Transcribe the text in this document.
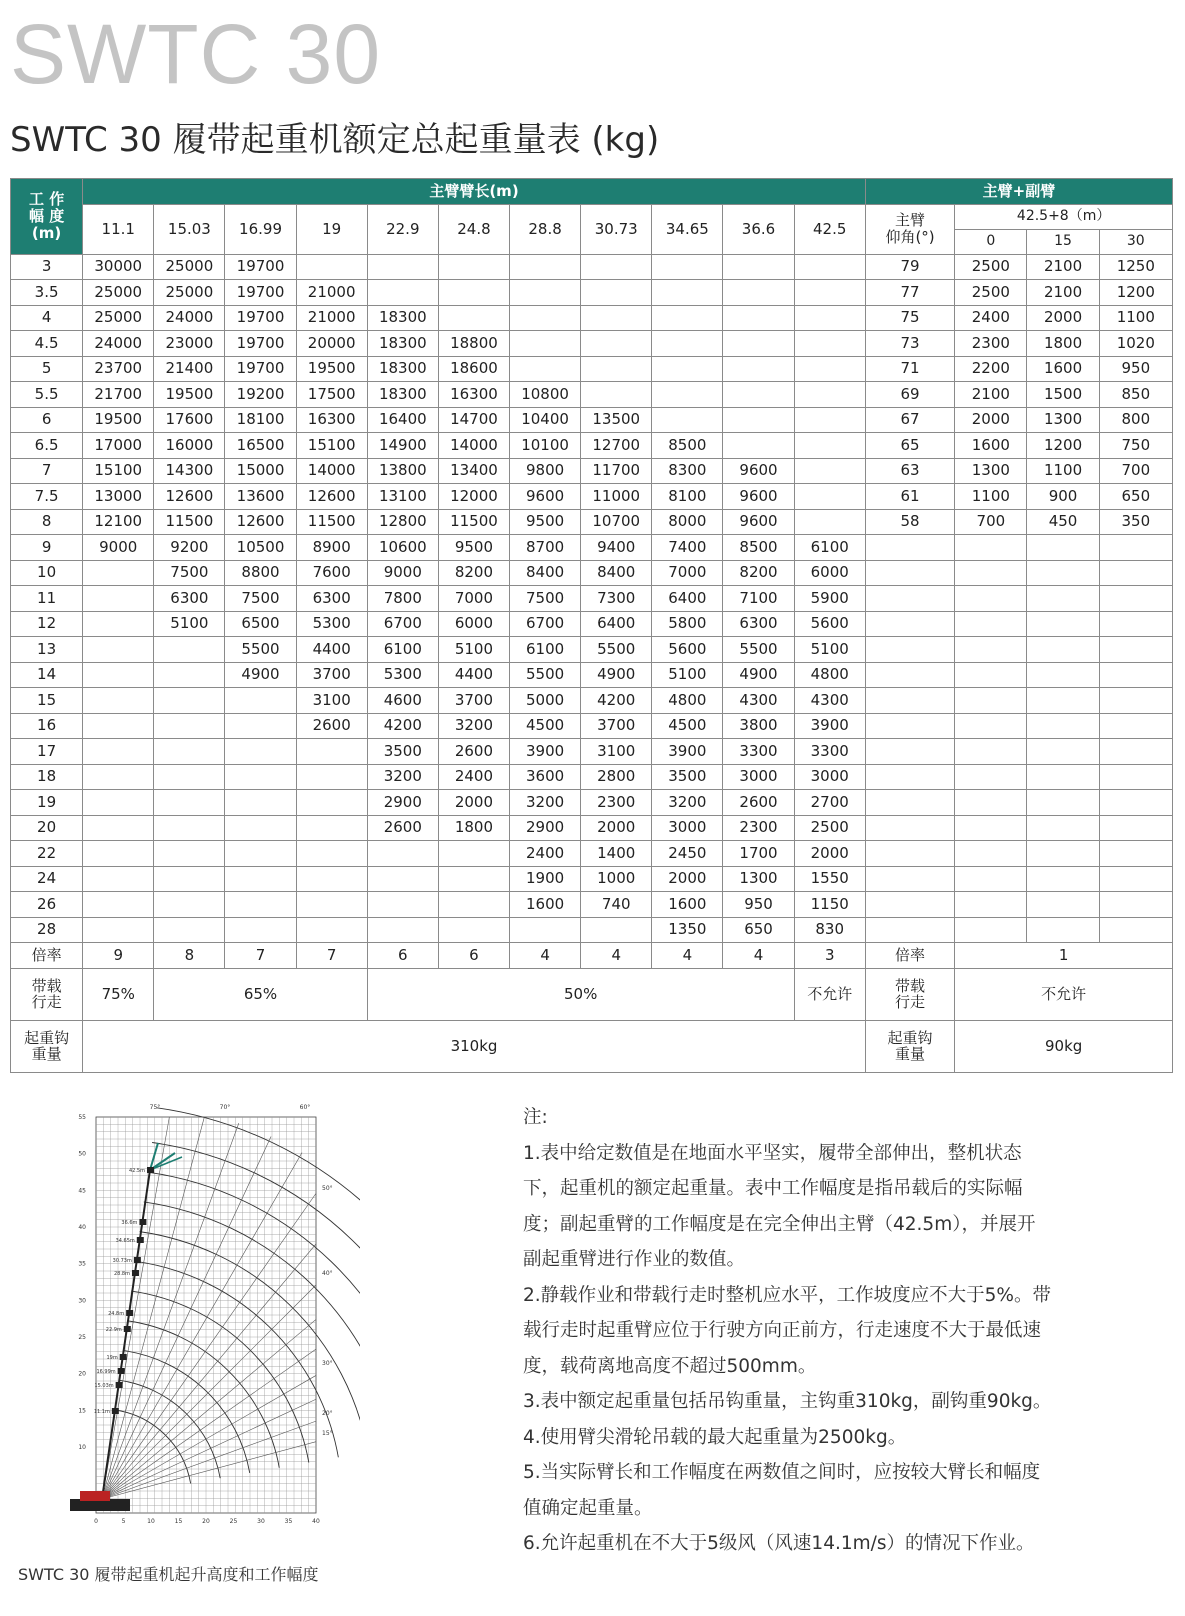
SWTC 30
SWTC 30 履带起重机额定总起重量表 (kg)
工 作
幅 度
(m)	主臂臂长(m)											主臂+副臂			
	11.1	15.03	16.99	19	22.9	24.8	28.8	30.73	34.65	36.6	42.5	主臂
仰角(°)	42.5+8（m）		
													0	15	30
3	30000	25000	19700									79	2500	2100	1250
3.5	25000	25000	19700	21000								77	2500	2100	1200
4	25000	24000	19700	21000	18300							75	2400	2000	1100
4.5	24000	23000	19700	20000	18300	18800						73	2300	1800	1020
5	23700	21400	19700	19500	18300	18600						71	2200	1600	950
5.5	21700	19500	19200	17500	18300	16300	10800					69	2100	1500	850
6	19500	17600	18100	16300	16400	14700	10400	13500				67	2000	1300	800
6.5	17000	16000	16500	15100	14900	14000	10100	12700	8500			65	1600	1200	750
7	15100	14300	15000	14000	13800	13400	9800	11700	8300	9600		63	1300	1100	700
7.5	13000	12600	13600	12600	13100	12000	9600	11000	8100	9600		61	1100	900	650
8	12100	11500	12600	11500	12800	11500	9500	10700	8000	9600		58	700	450	350
9	9000	9200	10500	8900	10600	9500	8700	9400	7400	8500	6100				
10		7500	8800	7600	9000	8200	8400	8400	7000	8200	6000				
11		6300	7500	6300	7800	7000	7500	7300	6400	7100	5900				
12		5100	6500	5300	6700	6000	6700	6400	5800	6300	5600				
13			5500	4400	6100	5100	6100	5500	5600	5500	5100				
14			4900	3700	5300	4400	5500	4900	5100	4900	4800				
15				3100	4600	3700	5000	4200	4800	4300	4300				
16				2600	4200	3200	4500	3700	4500	3800	3900				
17					3500	2600	3900	3100	3900	3300	3300				
18					3200	2400	3600	2800	3500	3000	3000				
19					2900	2000	3200	2300	3200	2600	2700				
20					2600	1800	2900	2000	3000	2300	2500				
22							2400	1400	2450	1700	2000				
24							1900	1000	2000	1300	1550				
26							1600	740	1600	950	1150				
28									1350	650	830				
倍率	9	8	7	7	6	6	4	4	4	4	3	倍率	1		
带载行走	75%	65%			50%						不允许	带载行走	不允许		
起重钩重量	310kg											起重钩重量	90kg		
55
50
45
40
35
30
25
20
15
10
0	5	10	15	20	25	30	35	40
75°	70°	60°
50°
40°
30°
20°
15°
42.5m
36.6m
34.65m
30.73m
28.8m
24.8m
22.9m
19m
16.99m
15.03m
11.1m
SWTC 30 履带起重机起升高度和工作幅度

注:

1.表中给定数值是在地面水平坚实，履带全部伸出，整机状态

下，起重机的额定起重量。表中工作幅度是指吊载后的实际幅

度；副起重臂的工作幅度是在完全伸出主臂（42.5m），并展开

副起重臂进行作业的数值。

2.静载作业和带载行走时整机应水平，工作坡度应不大于5%。带

载行走时起重臂应位于行驶方向正前方，行走速度不大于最低速

度，载荷离地高度不超过500mm。

3.表中额定起重量包括吊钩重量，主钩重310kg，副钩重90kg。

4.使用臂尖滑轮吊载的最大起重量为2500kg。

5.当实际臂长和工作幅度在两数值之间时，应按较大臂长和幅度

值确定起重量。

6.允许起重机在不大于5级风（风速14.1m/s）的情况下作业。
